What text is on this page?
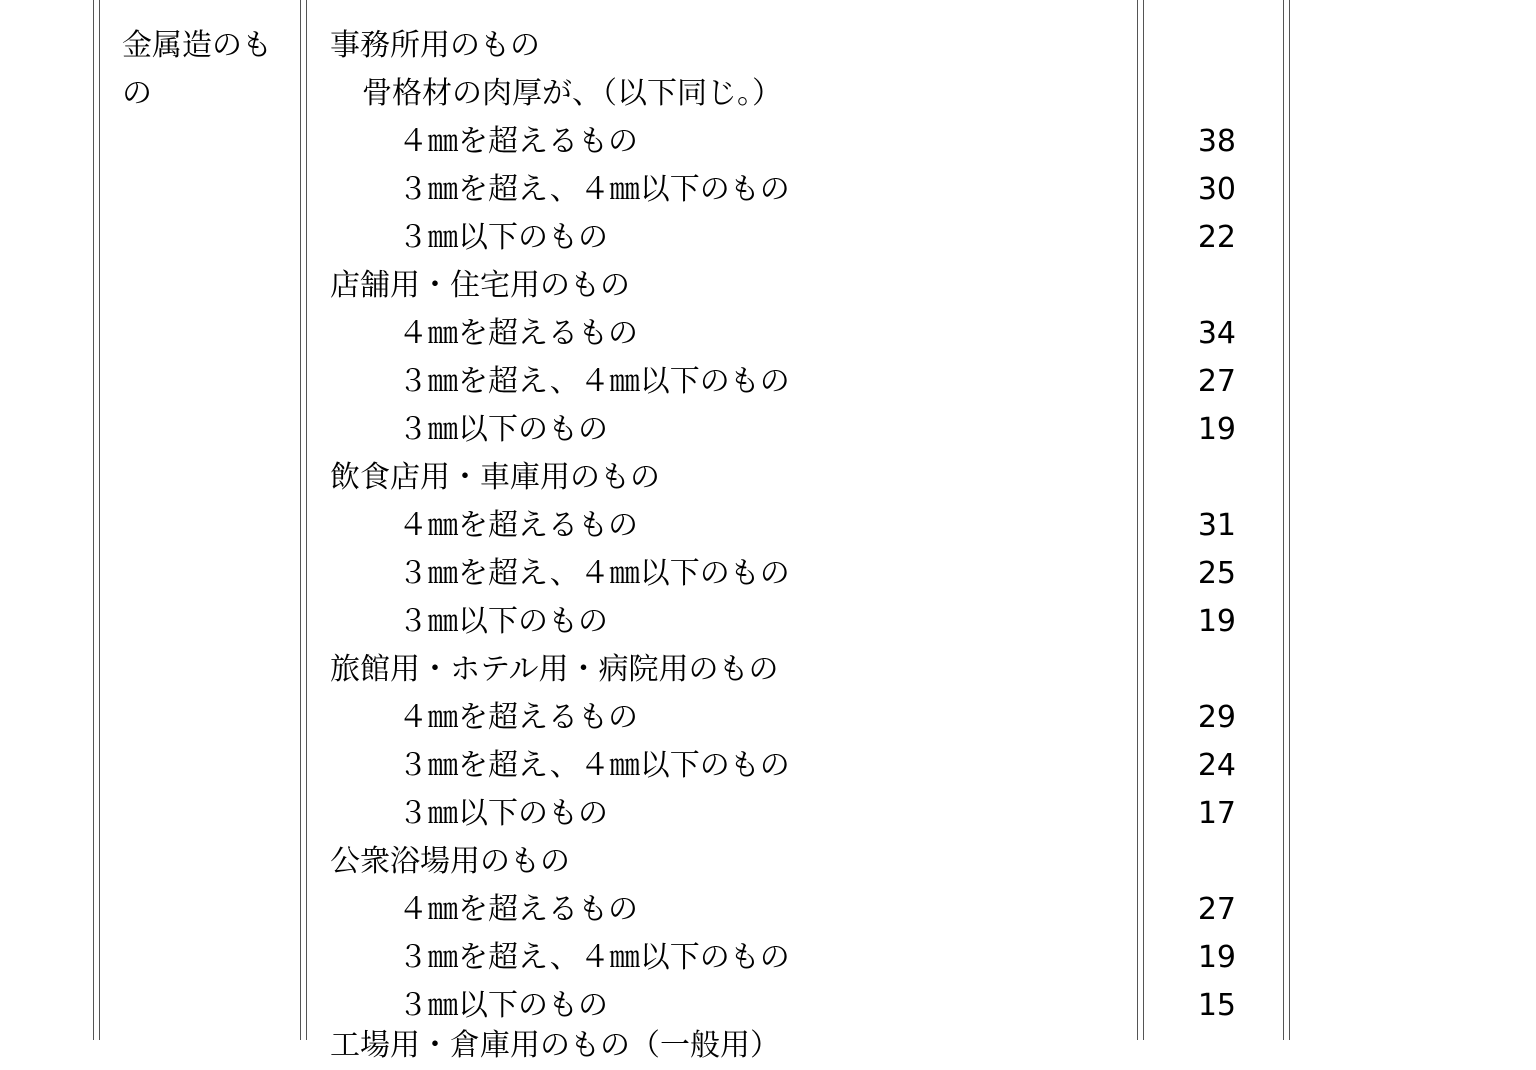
金属造のもの
事務所用のもの
骨格材の肉厚が、（以下同じ。）
４㎜を超えるもの
３㎜を超え、４㎜以下のもの
３㎜以下のもの
店舗用・住宅用のもの
４㎜を超えるもの
３㎜を超え、４㎜以下のもの
３㎜以下のもの
飲食店用・車庫用のもの
４㎜を超えるもの
３㎜を超え、４㎜以下のもの
３㎜以下のもの
旅館用・ホテル用・病院用のもの
４㎜を超えるもの
３㎜を超え、４㎜以下のもの
３㎜以下のもの
公衆浴場用のもの
４㎜を超えるもの
３㎜を超え、４㎜以下のもの
３㎜以下のもの
38
30
22
34
27
19
31
25
19
29
24
17
27
19
15
工場用・倉庫用のもの（一般用）
